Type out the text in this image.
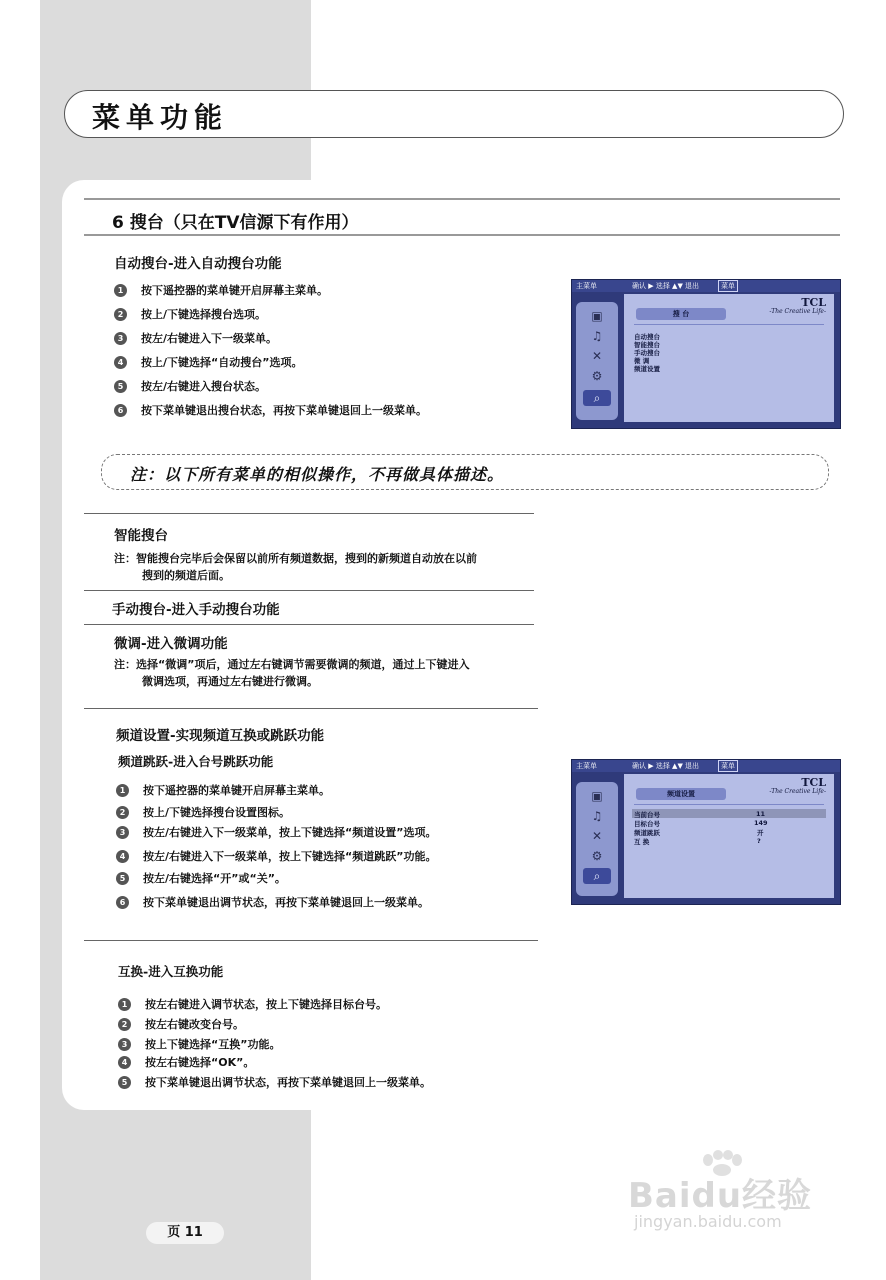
菜单功能
6 搜台（只在TV信源下有作用）
自动搜台-进入自动搜台功能
1	按下遥控器的菜单键开启屏幕主菜单。
2	按上/下键选择搜台选项。
3	按左/右键进入下一级菜单。
4	按上/下键选择“自动搜台”选项。
5	按左/右键进入搜台状态。
6	按下菜单键退出搜台状态，再按下菜单键退回上一级菜单。
主菜单	确认 ▶ 选择 ▲▼ 退出	菜单
▣
♫
✕
⚙
⌕
TCL
-The Creative Life-
搜 台
自动搜台
智能搜台
手动搜台
微 调
频道设置
注：以下所有菜单的相似操作，不再做具体描述。
智能搜台
注：智能搜台完毕后会保留以前所有频道数据，搜到的新频道自动放在以前
搜到的频道后面。
手动搜台-进入手动搜台功能
微调-进入微调功能
注：选择“微调”项后，通过左右键调节需要微调的频道，通过上下键进入
微调选项，再通过左右键进行微调。
频道设置-实现频道互换或跳跃功能
频道跳跃-进入台号跳跃功能
1	按下遥控器的菜单键开启屏幕主菜单。
2	按上/下键选择搜台设置图标。
3	按左/右键进入下一级菜单，按上下键选择“频道设置”选项。
4	按左/右键进入下一级菜单，按上下键选择“频道跳跃”功能。
5	按左/右键选择“开”或“关”。
6	按下菜单键退出调节状态，再按下菜单键退回上一级菜单。
主菜单	确认 ▶ 选择 ▲▼ 退出	菜单
▣
♫
✕
⚙
⌕
TCL
-The Creative Life-
频道设置
当前台号	11
目标台号	149
频道跳跃	开
互 换	?
互换-进入互换功能
1	按左右键进入调节状态，按上下键选择目标台号。
2	按左右键改变台号。
3	按上下键选择“互换”功能。
4	按左右键选择“OK”。
5	按下菜单键退出调节状态，再按下菜单键退回上一级菜单。
页 11
Baidu经验
jingyan.baidu.com
